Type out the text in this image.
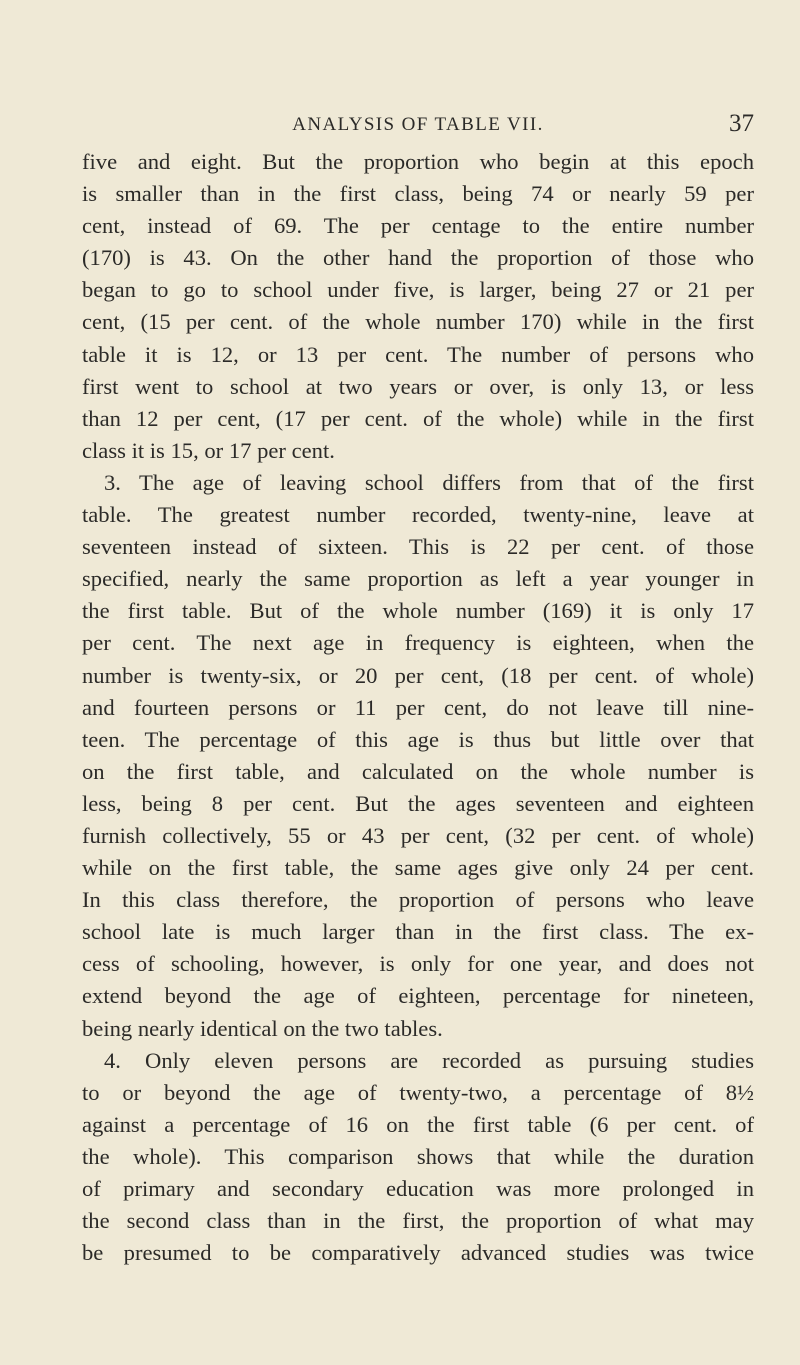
ANALYSIS OF TABLE VII.	37
five and eight. But the proportion who begin at this epoch
is smaller than in the first class, being 74 or nearly 59 per
cent, instead of 69. The per centage to the entire number
(170) is 43. On the other hand the proportion of those who
began to go to school under five, is larger, being 27 or 21 per
cent, (15 per cent. of the whole number 170) while in the first
table it is 12, or 13 per cent. The number of persons who
first went to school at two years or over, is only 13, or less
than 12 per cent, (17 per cent. of the whole) while in the first
class it is 15, or 17 per cent.
3. The age of leaving school differs from that of the first
table. The greatest number recorded, twenty-nine, leave at
seventeen instead of sixteen. This is 22 per cent. of those
specified, nearly the same proportion as left a year younger in
the first table. But of the whole number (169) it is only 17
per cent. The next age in frequency is eighteen, when the
number is twenty-six, or 20 per cent, (18 per cent. of whole)
and fourteen persons or 11 per cent, do not leave till nine-
teen. The percentage of this age is thus but little over that
on the first table, and calculated on the whole number is
less, being 8 per cent. But the ages seventeen and eighteen
furnish collectively, 55 or 43 per cent, (32 per cent. of whole)
while on the first table, the same ages give only 24 per cent.
In this class therefore, the proportion of persons who leave
school late is much larger than in the first class. The ex-
cess of schooling, however, is only for one year, and does not
extend beyond the age of eighteen, percentage for nineteen,
being nearly identical on the two tables.
4. Only eleven persons are recorded as pursuing studies
to or beyond the age of twenty-two, a percentage of 8½
against a percentage of 16 on the first table (6 per cent. of
the whole). This comparison shows that while the duration
of primary and secondary education was more prolonged in
the second class than in the first, the proportion of what may
be presumed to be comparatively advanced studies was twice
